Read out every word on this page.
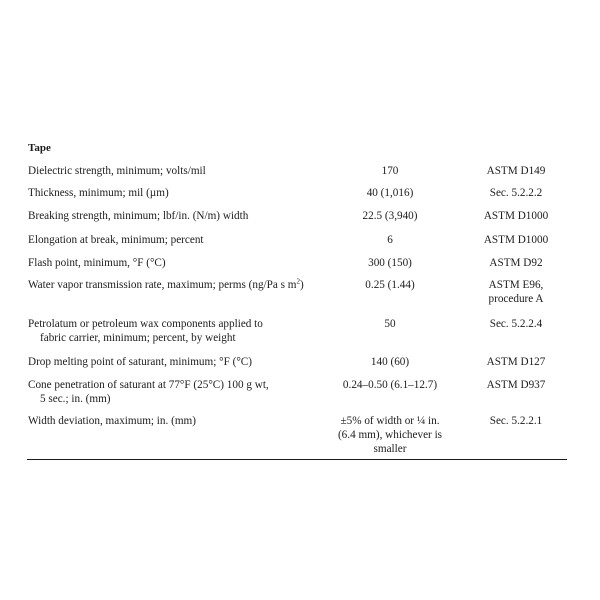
Tape
Dielectric strength, minimum; volts/mil	170	ASTM D149
Thickness, minimum; mil (µm)	40 (1,016)	Sec. 5.2.2.2
Breaking strength, minimum; lbf/in. (N/m) width	22.5 (3,940)	ASTM D1000
Elongation at break, minimum; percent	6	ASTM D1000
Flash point, minimum, °F (°C)	300 (150)	ASTM D92
Water vapor transmission rate, maximum; perms (ng/Pa s $m^2$)	0.25 (1.44)	ASTM E96,
procedure A
Petrolatum or petroleum wax components applied to
fabric carrier, minimum; percent, by weight
50	Sec. 5.2.2.4
Drop melting point of saturant, minimum; °F (°C)	140 (60)	ASTM D127
Cone penetration of saturant at 77°F (25°C) 100 g wt,
5 sec.; in. (mm)
0.24–0.50 (6.1–12.7)	ASTM D937
Width deviation, maximum; in. (mm)	±5% of width or ¼ in.
(6.4 mm), whichever is
smaller
Sec. 5.2.2.1
